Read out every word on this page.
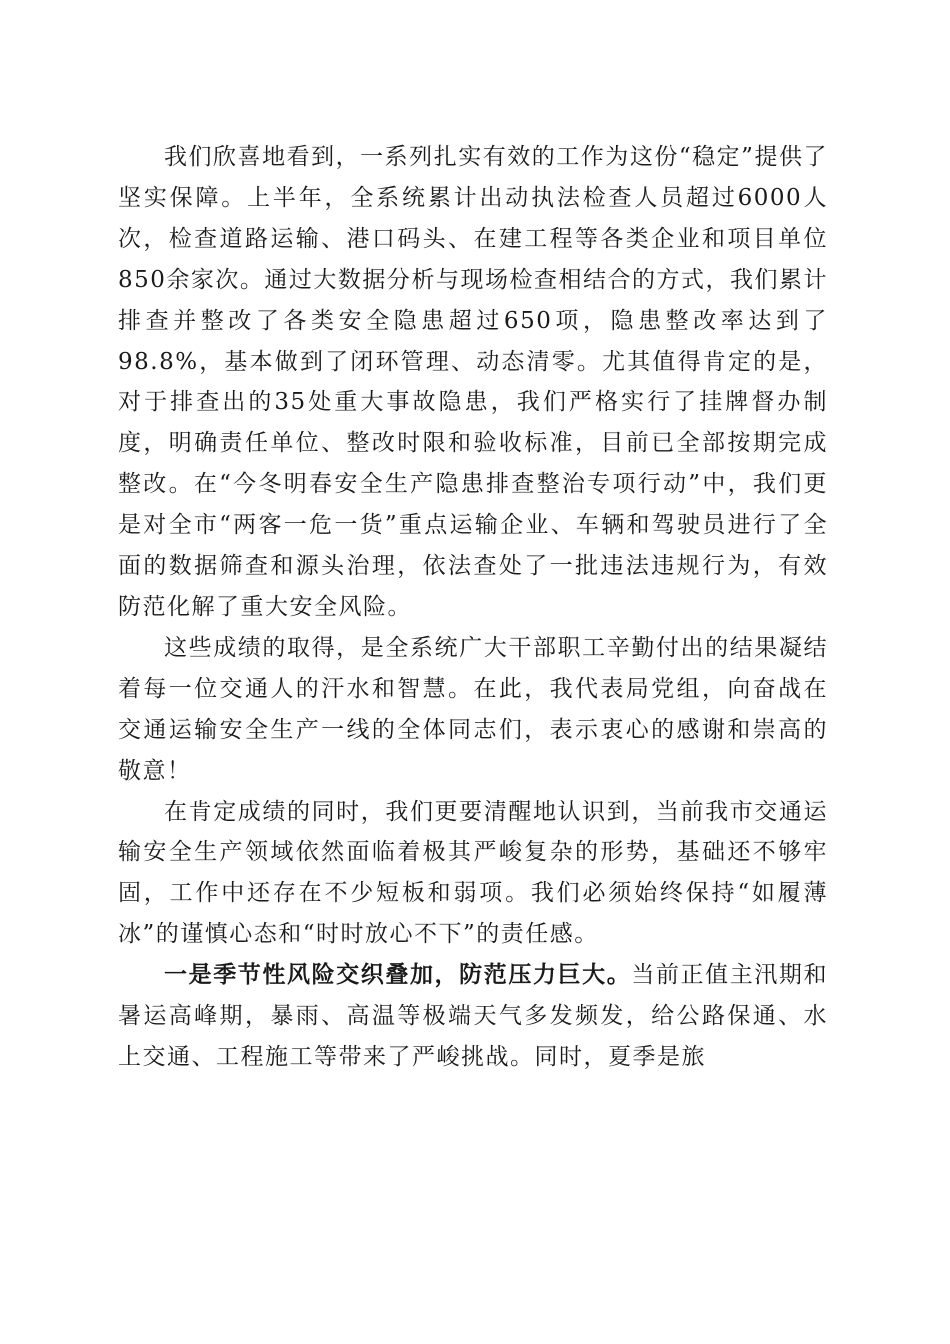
我们欣喜地看到，一系列扎实有效的工作为这份“稳定”提供了坚实保障。上半年，全系统累计出动执法检查人员超过6000人次，检查道路运输、港口码头、在建工程等各类企业和项目单位850余家次。通过大数据分析与现场检查相结合的方式，我们累计排查并整改了各类安全隐患超过650项，隐患整改率达到了98.8%，基本做到了闭环管理、动态清零。尤其值得肯定的是，对于排查出的35处重大事故隐患，我们严格实行了挂牌督办制度，明确责任单位、整改时限和验收标准，目前已全部按期完成整改。在“今冬明春安全生产隐患排查整治专项行动”中，我们更是对全市“两客一危一货”重点运输企业、车辆和驾驶员进行了全面的数据筛查和源头治理，依法查处了一批违法违规行为，有效防范化解了重大安全风险。

这些成绩的取得，是全系统广大干部职工辛勤付出的结果凝结着每一位交通人的汗水和智慧。在此，我代表局党组，向奋战在交通运输安全生产一线的全体同志们，表示衷心的感谢和崇高的敬意！

在肯定成绩的同时，我们更要清醒地认识到，当前我市交通运输安全生产领域依然面临着极其严峻复杂的形势，基础还不够牢固，工作中还存在不少短板和弱项。我们必须始终保持“如履薄冰”的谨慎心态和“时时放心不下”的责任感。

一是季节性风险交织叠加，防范压力巨大。当前正值主汛期和暑运高峰期，暴雨、高温等极端天气多发频发，给公路保通、水上交通、工程施工等带来了严峻挑战。同时，夏季是旅
